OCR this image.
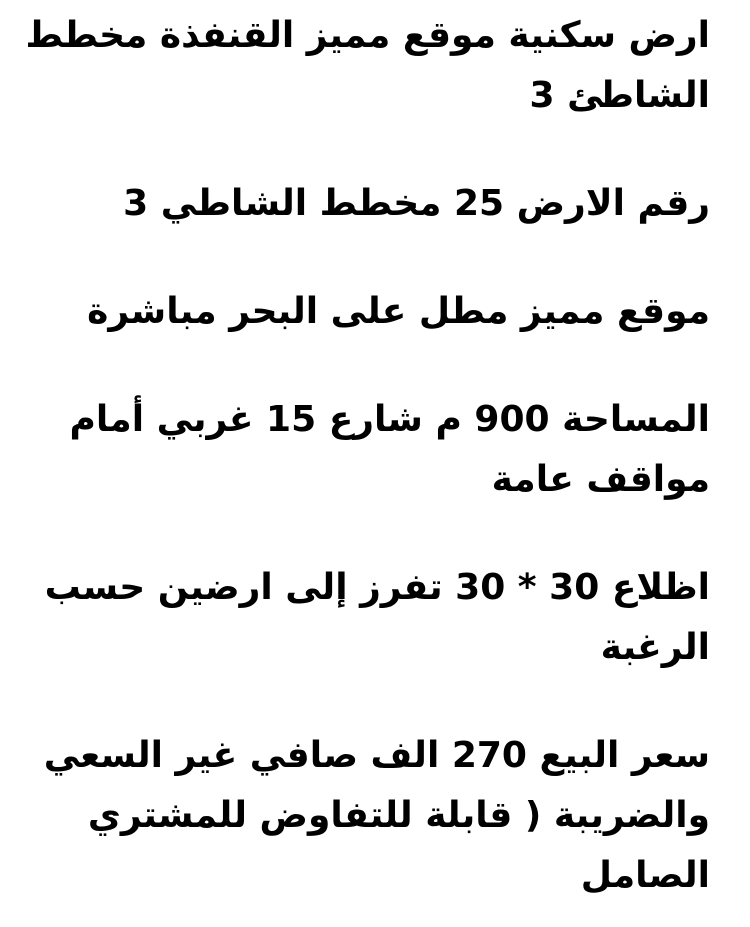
ارض سكنية موقع مميز القنفذة مخطط
الشاطئ 3
رقم الارض 25 مخطط الشاطي 3
موقع مميز مطل على البحر مباشرة
المساحة 900 م شارع 15 غربي أمام
مواقف عامة
اظلاع 30 * 30 تفرز إلى ارضين حسب
الرغبة
سعر البيع 270 الف صافي غير السعي
والضريبة ( قابلة للتفاوض للمشتري
الصامل
